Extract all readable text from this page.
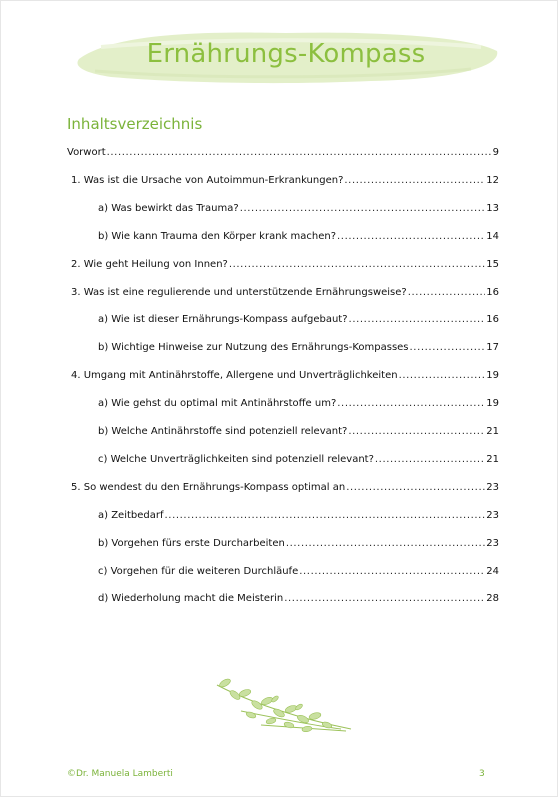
Ernährungs-Kompass
Inhaltsverzeichnis
Vorwort .....	9
1. Was ist die Ursache von Autoimmun-Erkrankungen? .....	12
a) Was bewirkt das Trauma? .....	13
b) Wie kann Trauma den Körper krank machen? .....	14
2. Wie geht Heilung von Innen? .....	15
3. Was ist eine regulierende und unterstützende Ernährungsweise? .....	16
a) Wie ist dieser Ernährungs-Kompass aufgebaut? .....	16
b) Wichtige Hinweise zur Nutzung des Ernährungs-Kompasses .....	17
4. Umgang mit Antinährstoffe, Allergene und Unverträglichkeiten .....	19
a) Wie gehst du optimal mit Antinährstoffe um? .....	19
b) Welche Antinährstoffe sind potenziell relevant? .....	21
c) Welche Unverträglichkeiten sind potenziell relevant? .....	21
5. So wendest du den Ernährungs-Kompass optimal an .....	23
a) Zeitbedarf .....	23
b) Vorgehen fürs erste Durcharbeiten .....	23
c) Vorgehen für die weiteren Durchläufe .....	24
d) Wiederholung macht die Meisterin .....	28
©Dr. Manuela Lamberti	3
